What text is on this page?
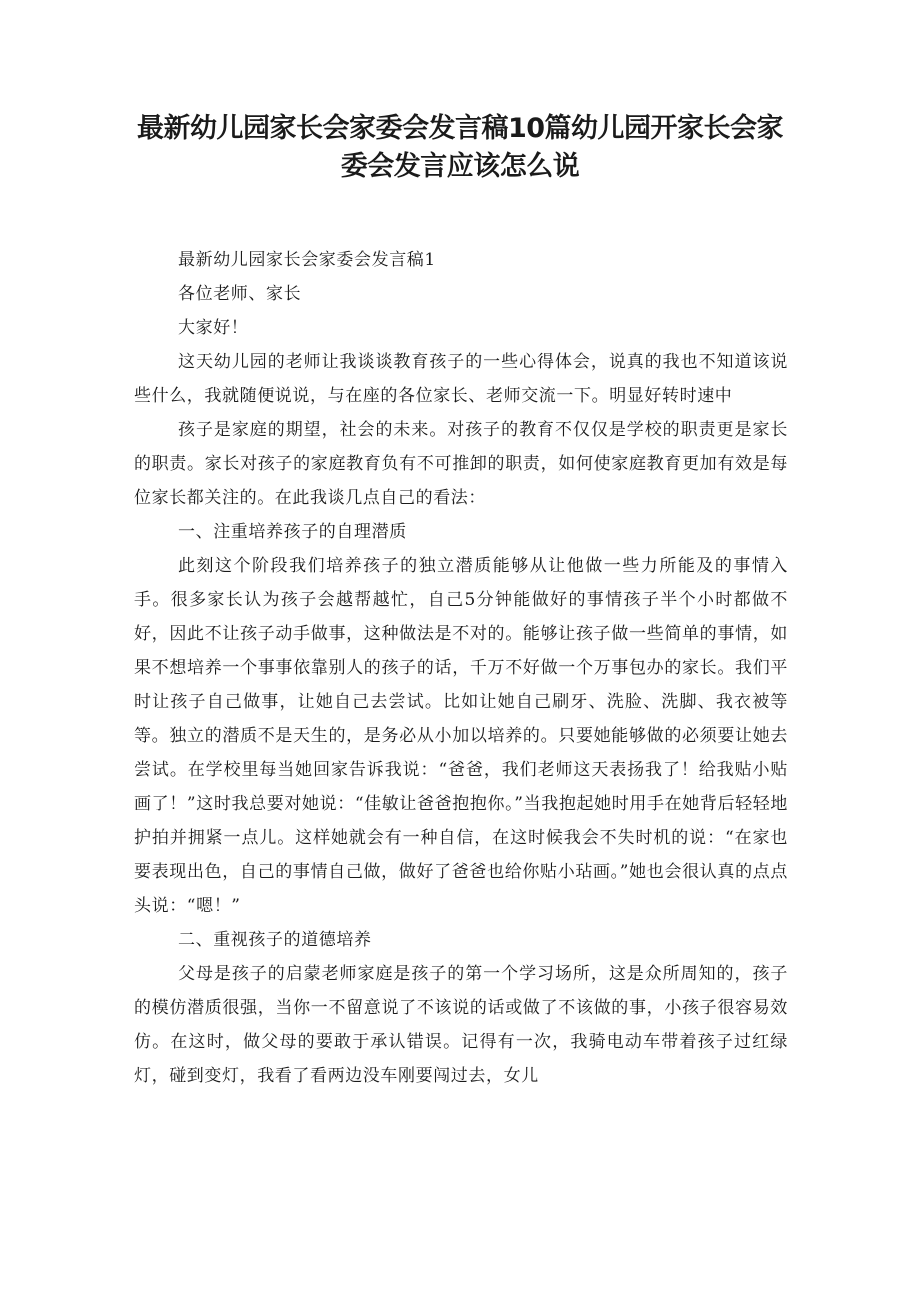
最新幼儿园家长会家委会发言稿10篇幼儿园开家长会家委会发言应该怎么说

最新幼儿园家长会家委会发言稿1

各位老师、家长

大家好！

这天幼儿园的老师让我谈谈教育孩子的一些心得体会，说真的我也不知道该说些什么，我就随便说说，与在座的各位家长、老师交流一下。明显好转时速中

孩子是家庭的期望，社会的未来。对孩子的教育不仅仅是学校的职责更是家长的职责。家长对孩子的家庭教育负有不可推卸的职责，如何使家庭教育更加有效是每位家长都关注的。在此我谈几点自己的看法：

一、注重培养孩子的自理潜质

此刻这个阶段我们培养孩子的独立潜质能够从让他做一些力所能及的事情入手。很多家长认为孩子会越帮越忙，自己5分钟能做好的事情孩子半个小时都做不好，因此不让孩子动手做事，这种做法是不对的。能够让孩子做一些简单的事情，如果不想培养一个事事依靠别人的孩子的话，千万不好做一个万事包办的家长。我们平时让孩子自己做事，让她自己去尝试。比如让她自己刷牙、洗脸、洗脚、我衣被等等。独立的潜质不是天生的，是务必从小加以培养的。只要她能够做的必须要让她去尝试。在学校里每当她回家告诉我说：“爸爸，我们老师这天表扬我了！给我贴小贴画了！”这时我总要对她说：“佳敏让爸爸抱抱你。”当我抱起她时用手在她背后轻轻地护拍并拥紧一点儿。这样她就会有一种自信，在这时候我会不失时机的说：“在家也要表现出色，自己的事情自己做，做好了爸爸也给你贴小玷画。”她也会很认真的点点头说：“嗯！”

二、重视孩子的道德培养

父母是孩子的启蒙老师家庭是孩子的第一个学习场所，这是众所周知的，孩子的模仿潜质很强，当你一不留意说了不该说的话或做了不该做的事，小孩子很容易效仿。在这时，做父母的要敢于承认错误。记得有一次，我骑电动车带着孩子过红绿灯，碰到变灯，我看了看两边没车刚要闯过去，女儿
